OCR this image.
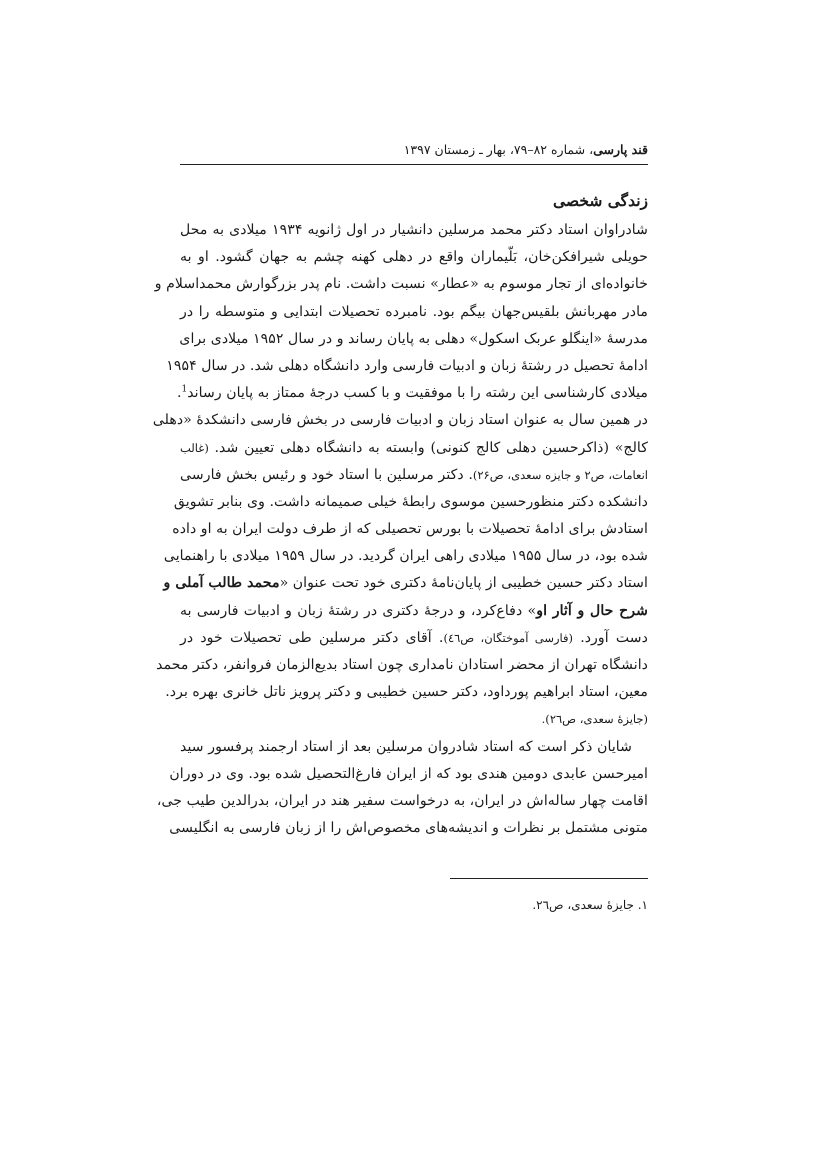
قند پارسی، شماره ۸۲–۷۹، بهار ـ زمستان ۱۳۹۷
زندگی شخصی
شادراوان استاد دکتر محمد مرسلین دانشیار در اول ژانویه ۱۹۳۴ میلادی به محل
حویلی شیرافکن‌خان، بَلّیماران واقع در دهلی کهنه چشم به جهان گشود. او به
خانواده‌ای از تجار موسوم به «عطار» نسبت داشت. نام پدر بزرگوارش محمداسلام و
مادر مهربانش بلقیس‌جهان بیگم بود. نامبرده تحصیلات ابتدایی و متوسطه را در
مدرسهٔ «اینگلو عربک اسکول» دهلی به پایان رساند و در سال ۱۹۵۲ میلادی برای
ادامهٔ تحصیل در رشتهٔ زبان و ادبیات فارسی وارد دانشگاه دهلی شد. در سال ۱۹۵۴
میلادی کارشناسی این رشته را با موفقیت و با کسب درجهٔ ممتاز به پایان رساند$^1$.
در همین سال به عنوان استاد زبان و ادبیات فارسی در بخش فارسی دانشکدهٔ «دهلی
کالج» (ذاکرحسین دهلی کالج کنونی) وابسته به دانشگاه دهلی تعیین شد. (غالب
انعامات، ص۲ و جایزه سعدی، ص۲۶). دکتر مرسلین با استاد خود و رئیس بخش فارسی
دانشکده دکتر منظورحسین موسوی رابطهٔ خیلی صمیمانه داشت. وی بنابر تشویق
استادش برای ادامهٔ تحصیلات با بورس تحصیلی که از طرف دولت ایران به او داده
شده بود، در سال ۱۹۵۵ میلادی راهی ایران گردید. در سال ۱۹۵۹ میلادی با راهنمایی
استاد دکتر حسین خطیبی از پایان‌نامهٔ دکتری خود تحت عنوان «محمد طالب آملی و
شرح حال و آثار او» دفاع‌کرد، و درجهٔ دکتری در رشتهٔ زبان و ادبیات فارسی به
دست آورد. (فارسی آموختگان، ص٤٦). آقای دکتر مرسلین طی تحصیلات خود در
دانشگاه تهران از محضر استادان نامداری چون استاد بدیع‌الزمان فروانفر، دکتر محمد
معین، استاد ابراهیم پورداود، دکتر حسین خطیبی و دکتر پرویز ناتل خانری بهره برد.
(جایزهٔ سعدی، ص۲٦).
شایان ذکر است که استاد شادروان مرسلین بعد از استاد ارجمند پرفسور سید
امیرحسن عابدی دومین هندی بود که از ایران فارغ‌التحصیل شده بود. وی در دوران
اقامت چهار ساله‌اش در ایران، به درخواست سفیر هند در ایران، بدرالدین طیب جی،
متونی مشتمل بر نظرات و اندیشه‌های مخصوص‌اش را از زبان فارسی به انگلیسی
۱. جایزهٔ سعدی، ص۲٦.
